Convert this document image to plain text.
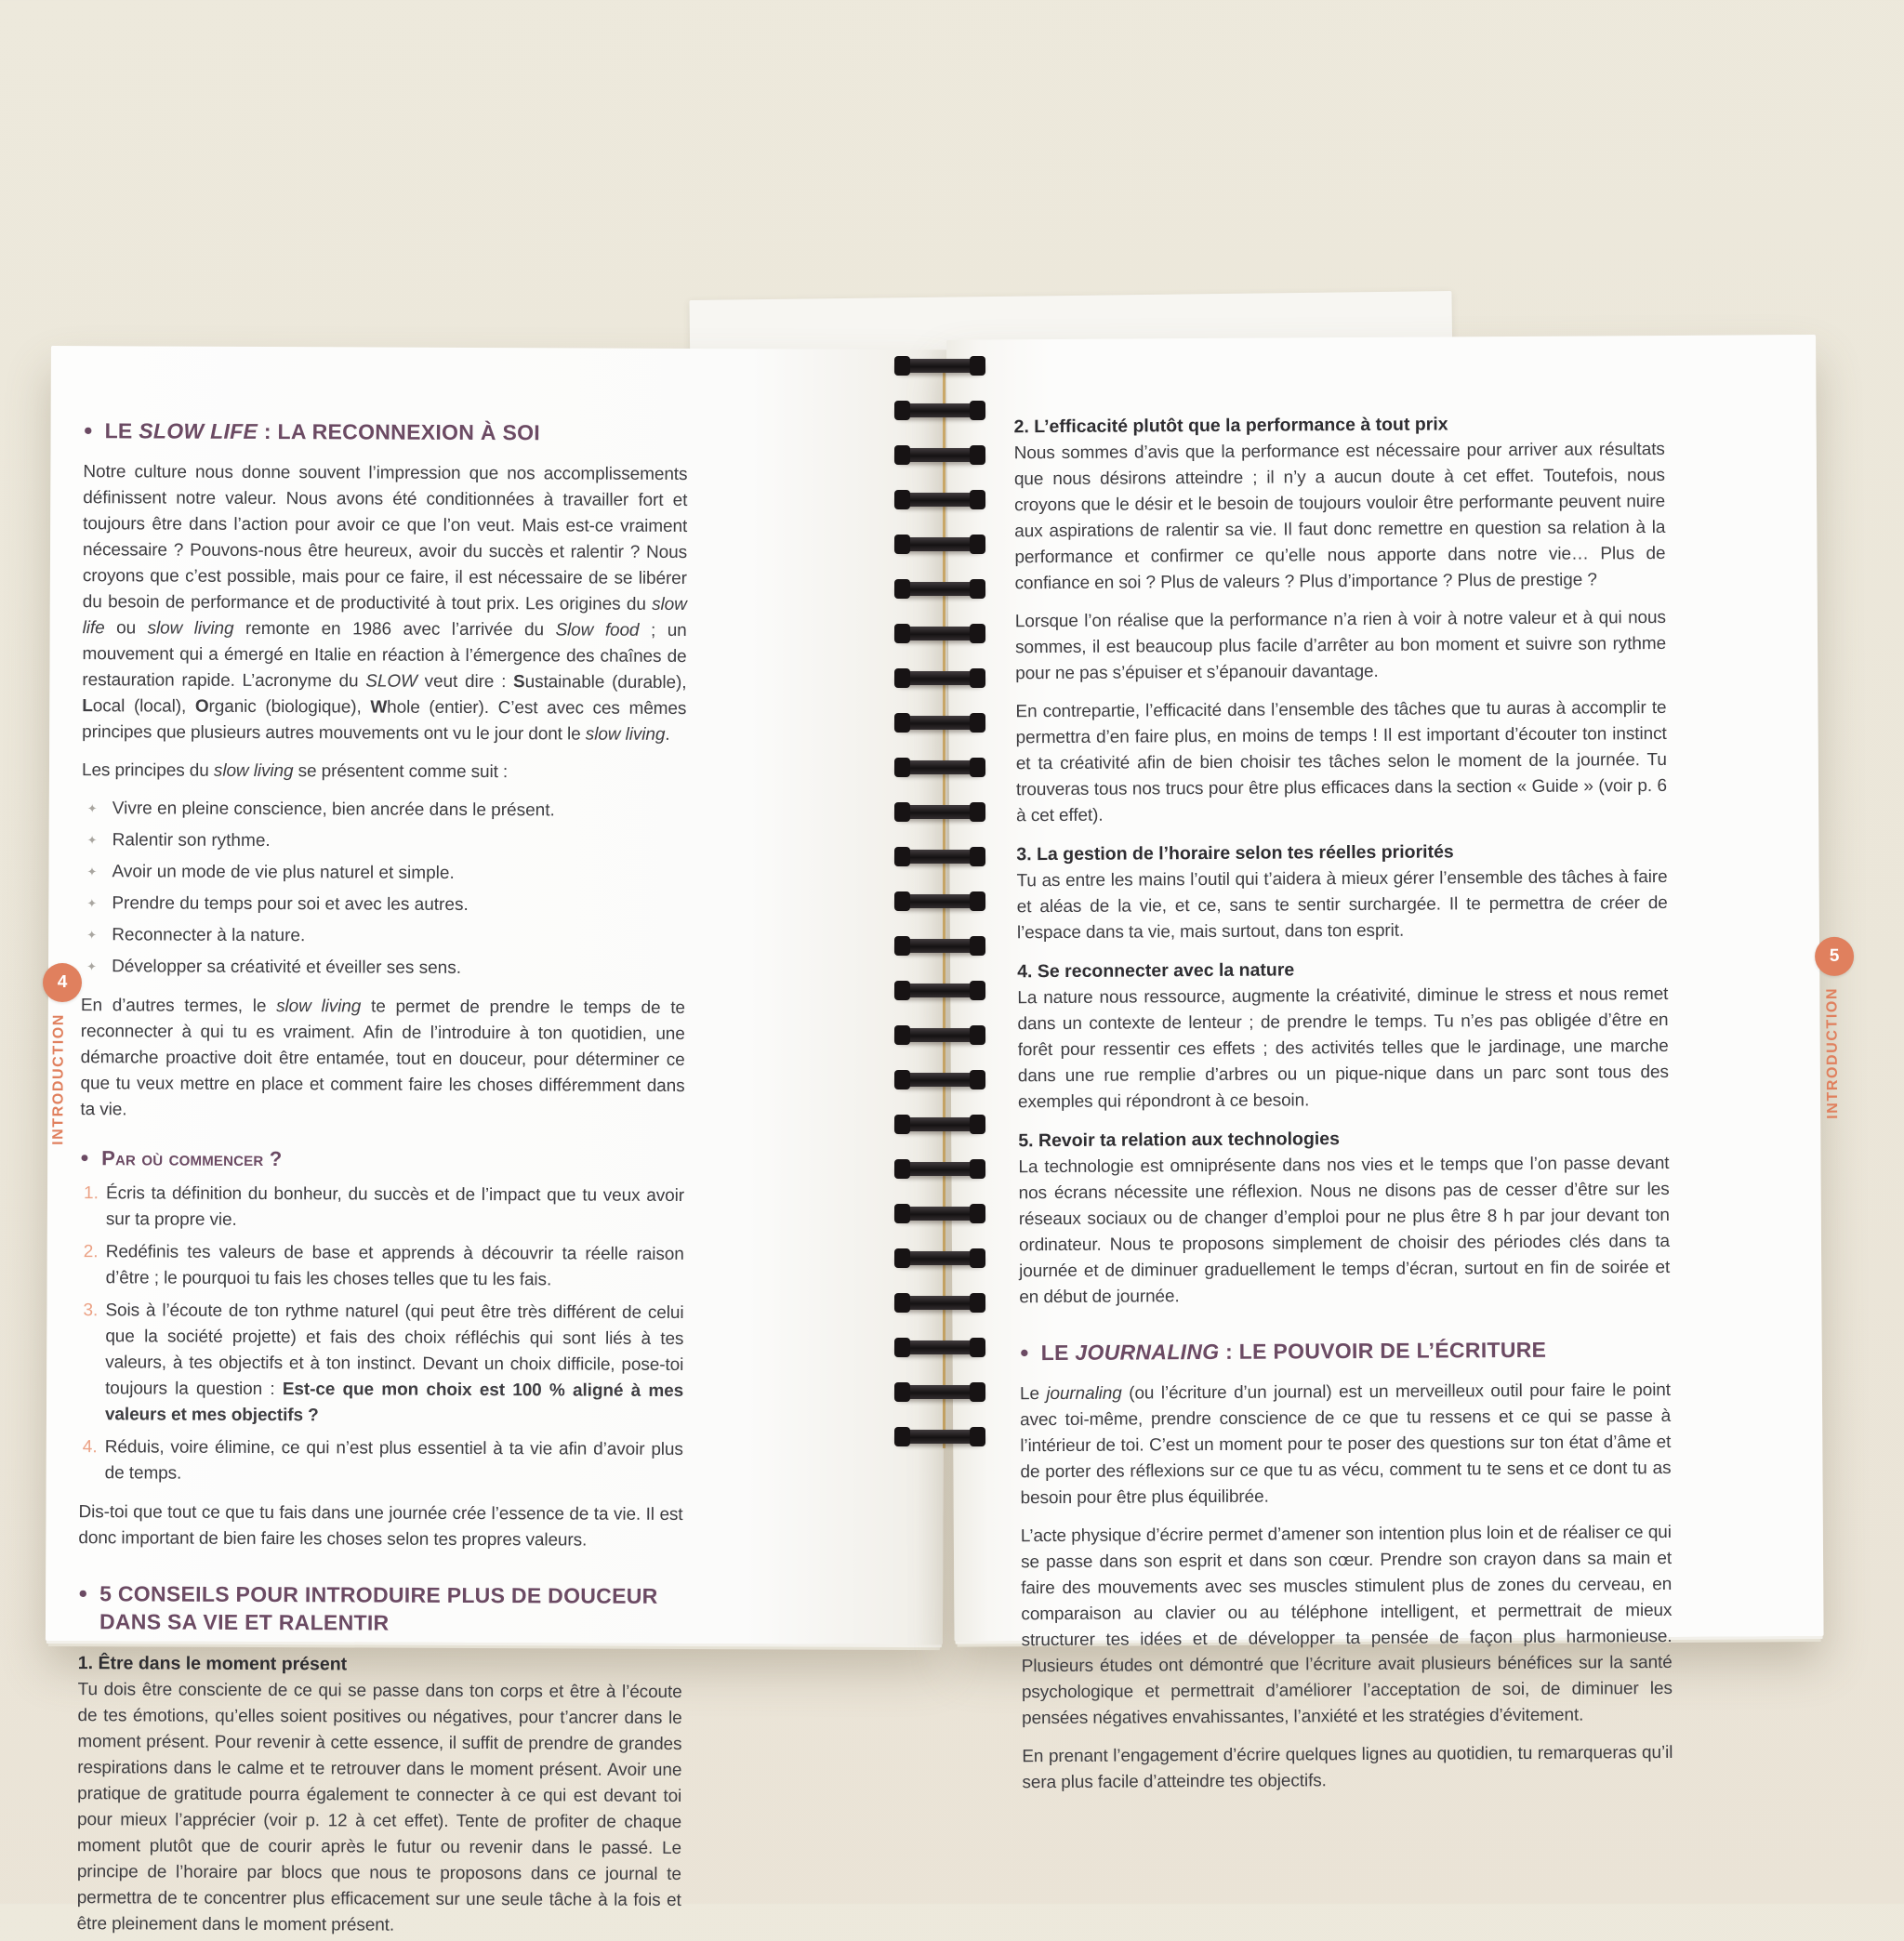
● LE SLOW LIFE : LA RECONNEXION À SOI

Notre culture nous donne souvent l’impression que nos accomplissements définissent notre valeur. Nous avons été conditionnées à travailler fort et toujours être dans l’action pour avoir ce que l’on veut. Mais est-ce vraiment nécessaire ? Pouvons-nous être heureux, avoir du succès et ralentir ? Nous croyons que c’est possible, mais pour ce faire, il est nécessaire de se libérer du besoin de performance et de productivité à tout prix. Les origines du slow life ou slow living remonte en 1986 avec l’arrivée du Slow food ; un mouvement qui a émergé en Italie en réaction à l’émergence des chaînes de restauration rapide. L’acronyme du SLOW veut dire : Sustainable (durable), Local (local), Organic (biologique), Whole (entier). C’est avec ces mêmes principes que plusieurs autres mouvements ont vu le jour dont le slow living.

Les principes du slow living se présentent comme suit :

✦ Vivre en pleine conscience, bien ancrée dans le présent.
✦ Ralentir son rythme.
✦ Avoir un mode de vie plus naturel et simple.
✦ Prendre du temps pour soi et avec les autres.
✦ Reconnecter à la nature.
✦ Développer sa créativité et éveiller ses sens.

En d’autres termes, le slow living te permet de prendre le temps de te reconnecter à qui tu es vraiment. Afin de l’introduire à ton quotidien, une démarche proactive doit être entamée, tout en douceur, pour déterminer ce que tu veux mettre en place et comment faire les choses différemment dans ta vie.

● Par où commencer ?
1. Écris ta définition du bonheur, du succès et de l’impact que tu veux avoir sur ta propre vie.
2. Redéfinis tes valeurs de base et apprends à découvrir ta réelle raison d’être ; le pourquoi tu fais les choses telles que tu les fais.
3. Sois à l’écoute de ton rythme naturel (qui peut être très différent de celui que la société projette) et fais des choix réfléchis qui sont liés à tes valeurs, à tes objectifs et à ton instinct. Devant un choix difficile, pose-toi toujours la question : Est-ce que mon choix est 100 % aligné à mes valeurs et mes objectifs ?
4. Réduis, voire élimine, ce qui n’est plus essentiel à ta vie afin d’avoir plus de temps.

Dis-toi que tout ce que tu fais dans une journée crée l’essence de ta vie. Il est donc important de bien faire les choses selon tes propres valeurs.

● 5 CONSEILS POUR INTRODUIRE PLUS DE DOUCEUR DANS SA VIE ET RALENTIR
1. Être dans le moment présent

Tu dois être consciente de ce qui se passe dans ton corps et être à l’écoute de tes émotions, qu’elles soient positives ou négatives, pour t’ancrer dans le moment présent. Pour revenir à cette essence, il suffit de prendre de grandes respirations dans le calme et te retrouver dans le moment présent. Avoir une pratique de gratitude pourra également te connecter à ce qui est devant toi pour mieux l’apprécier (voir p. 12 à cet effet). Tente de profiter de chaque moment plutôt que de courir après le futur ou revenir dans le passé. Le principe de l’horaire par blocs que nous te proposons dans ce journal te permettra de te concentrer plus efficacement sur une seule tâche à la fois et être pleinement dans le moment présent.

4
INTRODUCTION
2. L’efficacité plutôt que la performance à tout prix

Nous sommes d’avis que la performance est nécessaire pour arriver aux résultats que nous désirons atteindre ; il n’y a aucun doute à cet effet. Toutefois, nous croyons que le désir et le besoin de toujours vouloir être performante peuvent nuire aux aspirations de ralentir sa vie. Il faut donc remettre en question sa relation à la performance et confirmer ce qu’elle nous apporte dans notre vie… Plus de confiance en soi ? Plus de valeurs ? Plus d’importance ? Plus de prestige ?

Lorsque l’on réalise que la performance n’a rien à voir à notre valeur et à qui nous sommes, il est beaucoup plus facile d’arrêter au bon moment et suivre son rythme pour ne pas s’épuiser et s’épanouir davantage.

En contrepartie, l’efficacité dans l’ensemble des tâches que tu auras à accomplir te permettra d’en faire plus, en moins de temps ! Il est important d’écouter ton instinct et ta créativité afin de bien choisir tes tâches selon le moment de la journée. Tu trouveras tous nos trucs pour être plus efficaces dans la section « Guide » (voir p. 6 à cet effet).

3. La gestion de l’horaire selon tes réelles priorités

Tu as entre les mains l’outil qui t’aidera à mieux gérer l’ensemble des tâches à faire et aléas de la vie, et ce, sans te sentir surchargée. Il te permettra de créer de l’espace dans ta vie, mais surtout, dans ton esprit.

4. Se reconnecter avec la nature

La nature nous ressource, augmente la créativité, diminue le stress et nous remet dans un contexte de lenteur ; de prendre le temps. Tu n’es pas obligée d’être en forêt pour ressentir ces effets ; des activités telles que le jardinage, une marche dans une rue remplie d’arbres ou un pique-nique dans un parc sont tous des exemples qui répondront à ce besoin.

5. Revoir ta relation aux technologies

La technologie est omniprésente dans nos vies et le temps que l’on passe devant nos écrans nécessite une réflexion. Nous ne disons pas de cesser d’être sur les réseaux sociaux ou de changer d’emploi pour ne plus être 8 h par jour devant ton ordinateur. Nous te proposons simplement de choisir des périodes clés dans ta journée et de diminuer graduellement le temps d’écran, surtout en fin de soirée et en début de journée.

● LE JOURNALING : LE POUVOIR DE L’ÉCRITURE

Le journaling (ou l’écriture d’un journal) est un merveilleux outil pour faire le point avec toi-même, prendre conscience de ce que tu ressens et ce qui se passe à l’intérieur de toi. C’est un moment pour te poser des questions sur ton état d’âme et de porter des réflexions sur ce que tu as vécu, comment tu te sens et ce dont tu as besoin pour être plus équilibrée.

L’acte physique d’écrire permet d’amener son intention plus loin et de réaliser ce qui se passe dans son esprit et dans son cœur. Prendre son crayon dans sa main et faire des mouvements avec ses muscles stimulent plus de zones du cerveau, en comparaison au clavier ou au téléphone intelligent, et permettrait de mieux structurer tes idées et de développer ta pensée de façon plus harmonieuse. Plusieurs études ont démontré que l’écriture avait plusieurs bénéfices sur la santé psychologique et permettrait d’améliorer l’acceptation de soi, de diminuer les pensées négatives envahissantes, l’anxiété et les stratégies d’évitement.

En prenant l’engagement d’écrire quelques lignes au quotidien, tu remarqueras qu’il sera plus facile d’atteindre tes objectifs.

5
INTRODUCTION
